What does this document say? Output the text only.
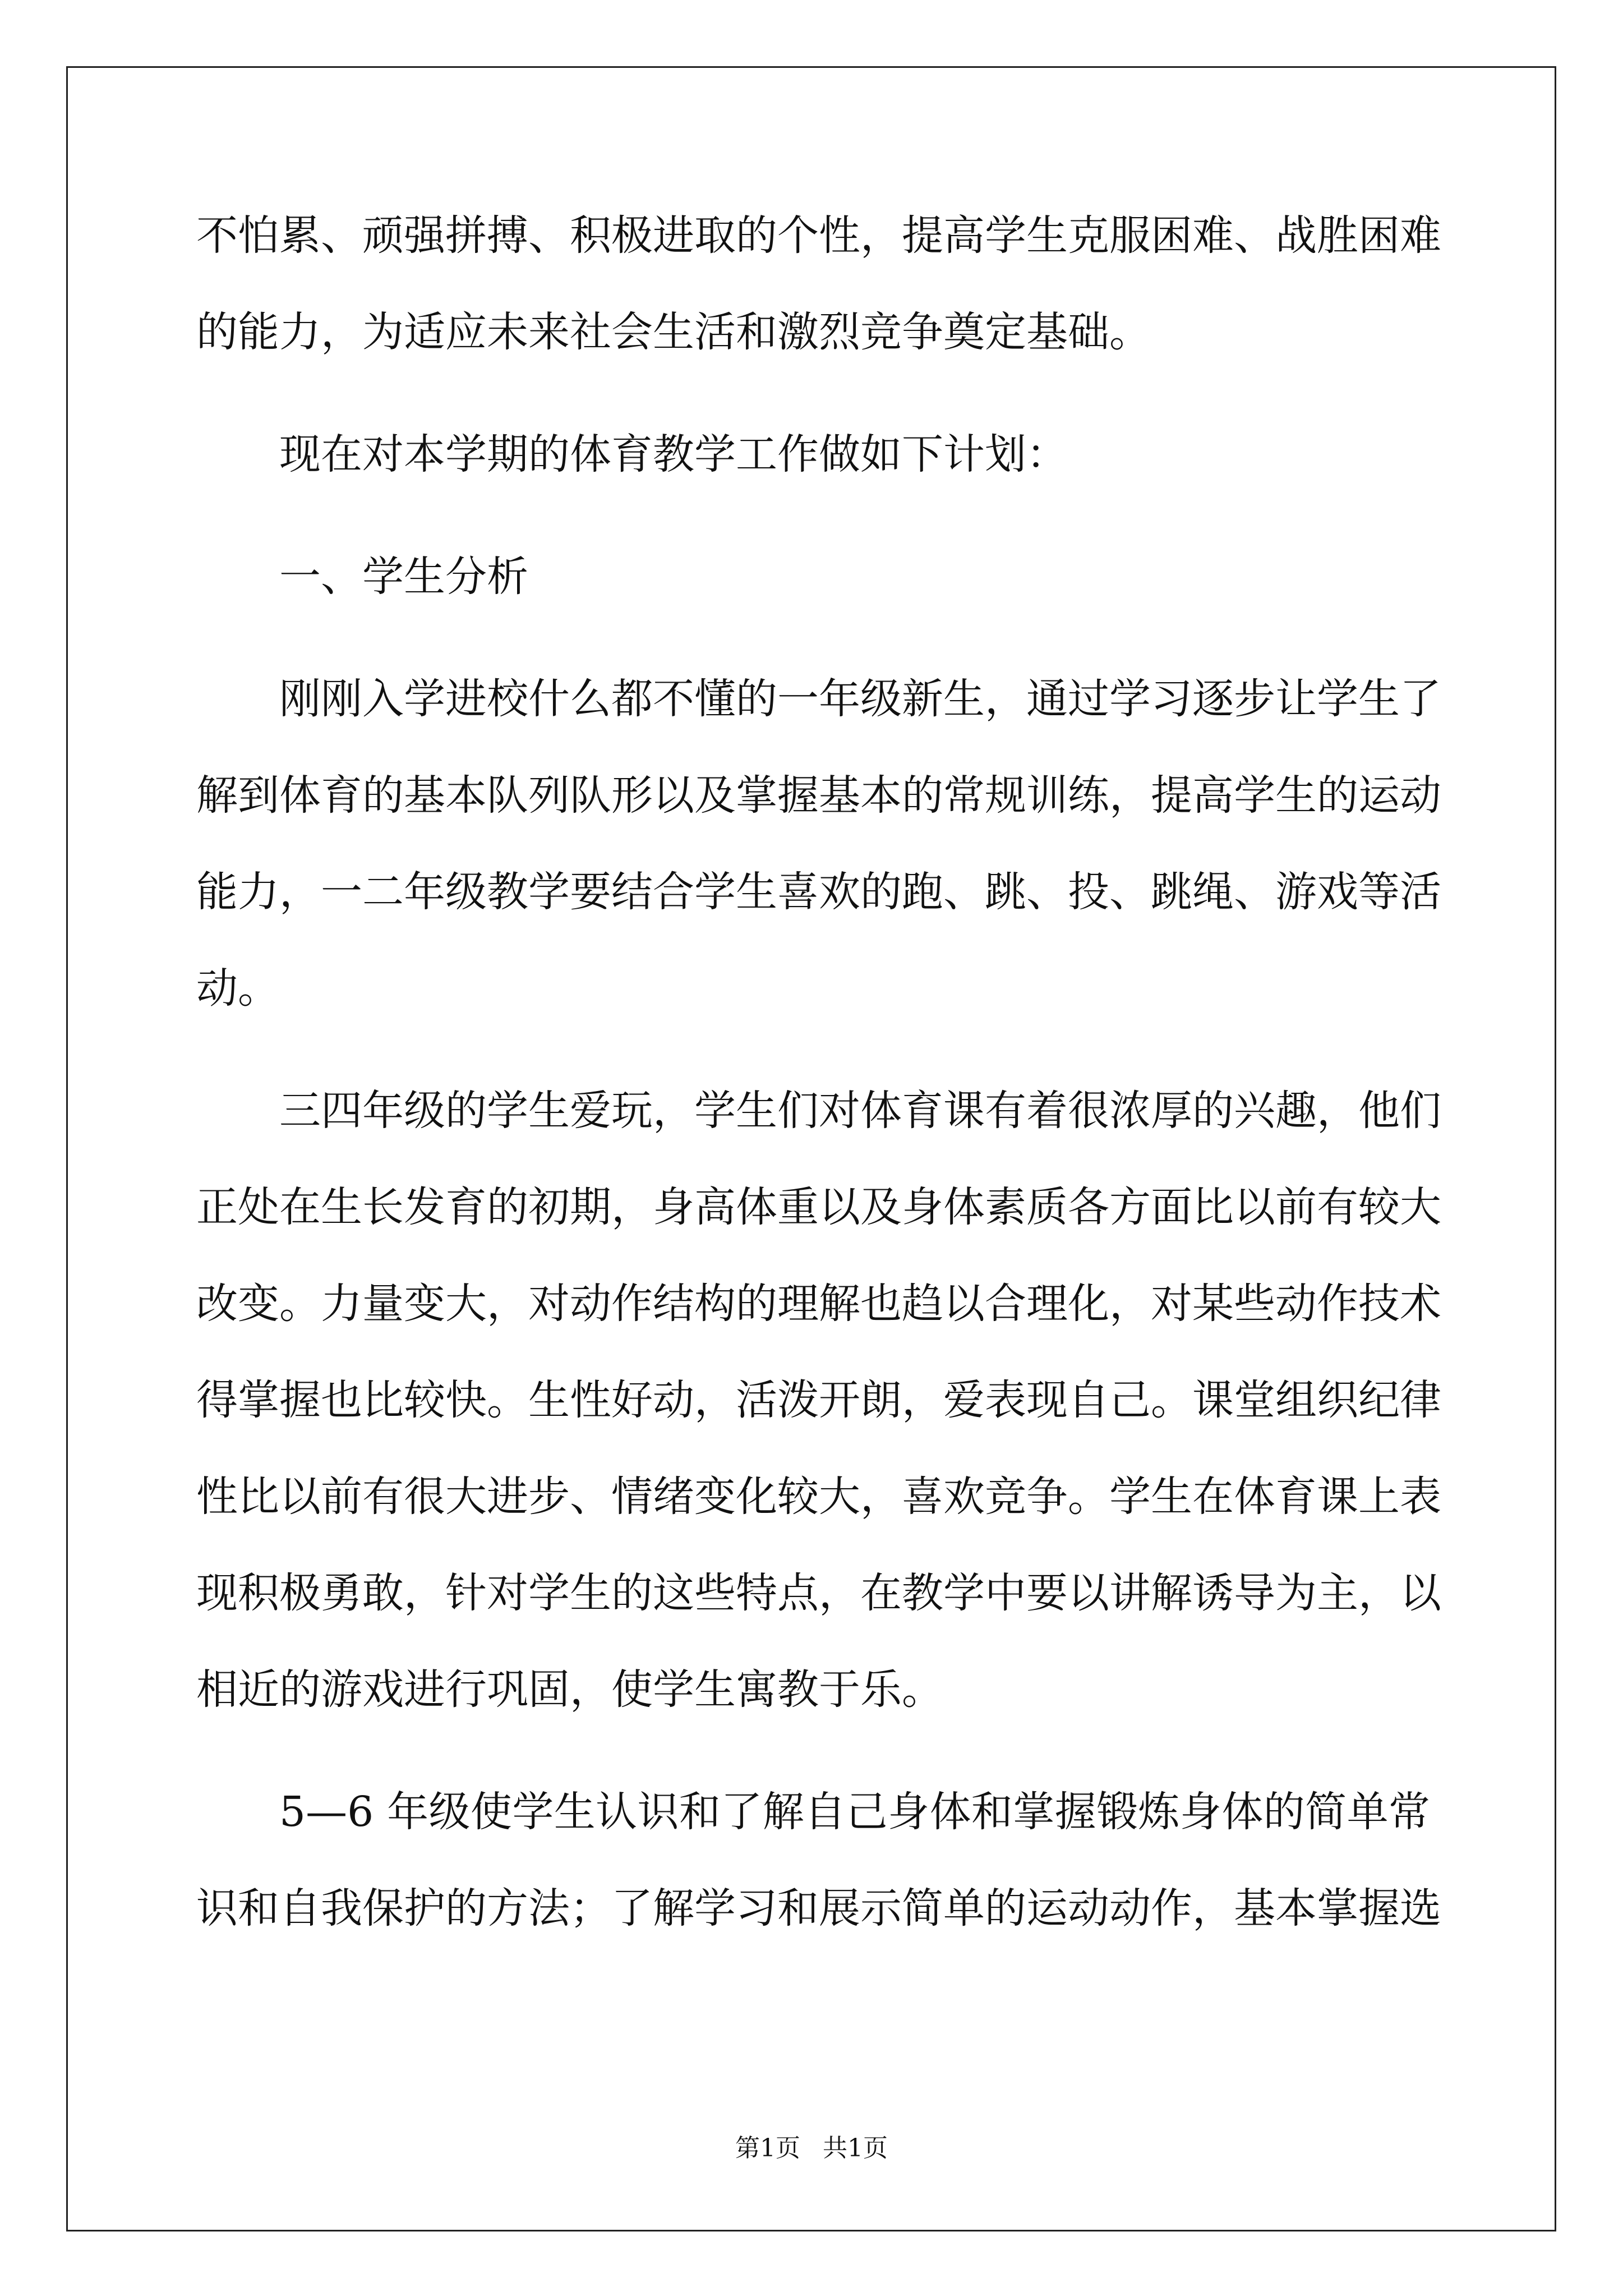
不怕累、顽强拼搏、积极进取的个性，提高学生克服困难、战胜困难
的能力，为适应未来社会生活和激烈竞争奠定基础。
现在对本学期的体育教学工作做如下计划：
一、学生分析
刚刚入学进校什么都不懂的一年级新生，通过学习逐步让学生了
解到体育的基本队列队形以及掌握基本的常规训练，提高学生的运动
能力，一二年级教学要结合学生喜欢的跑、跳、投、跳绳、游戏等活
动。
三四年级的学生爱玩，学生们对体育课有着很浓厚的兴趣，他们
正处在生长发育的初期，身高体重以及身体素质各方面比以前有较大
改变。力量变大，对动作结构的理解也趋以合理化，对某些动作技术
得掌握也比较快。生性好动，活泼开朗，爱表现自己。课堂组织纪律
性比以前有很大进步、情绪变化较大，喜欢竞争。学生在体育课上表
现积极勇敢，针对学生的这些特点，在教学中要以讲解诱导为主，以
相近的游戏进行巩固，使学生寓教于乐。
5—6 年级使学生认识和了解自己身体和掌握锻炼身体的简单常
识和自我保护的方法；了解学习和展示简单的运动动作，基本掌握选
第1页 共1页
